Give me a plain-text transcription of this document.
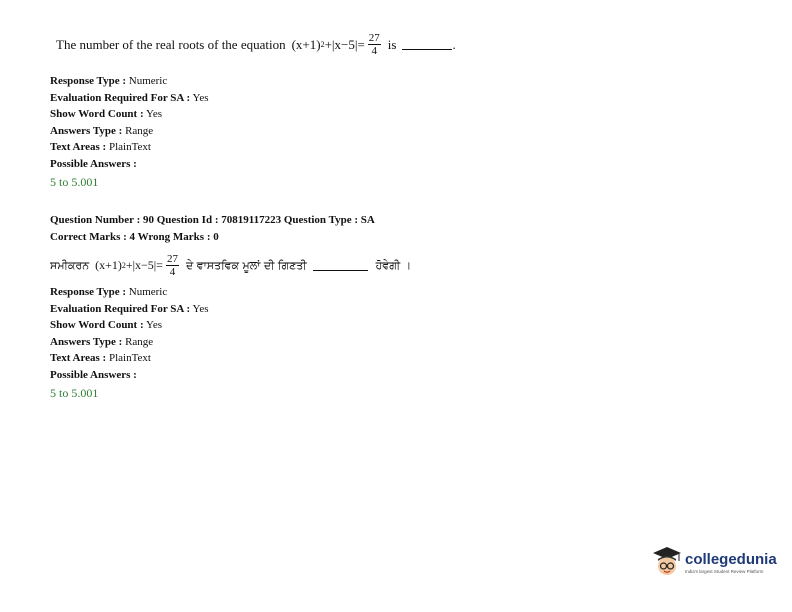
The number of the real roots of the equation (x+1) $2 +|x-5|= \frac{27}{4}$ is	.
Response Type : Numeric
Evaluation Required For SA : Yes
Show Word Count : Yes
Answers Type : Range
Text Areas : PlainText
Possible Answers :
5 to 5.001
Question Number : 90 Question Id : 70819117223 Question Type : SA
Correct Marks : 4 Wrong Marks : 0
ਸਮੀਕਰਨ (x+1) $2 +|x-5|= \frac{27}{4}$ ਦੇ ਵਾਸਤਵਿਕ ਮੂਲਾਂ ਦੀ ਗਿਣਤੀ	ਹੋਵੇਗੀ ।
Response Type : Numeric
Evaluation Required For SA : Yes
Show Word Count : Yes
Answers Type : Range
Text Areas : PlainText
Possible Answers :
5 to 5.001
collegedunia
India's largest Student Review Platform
